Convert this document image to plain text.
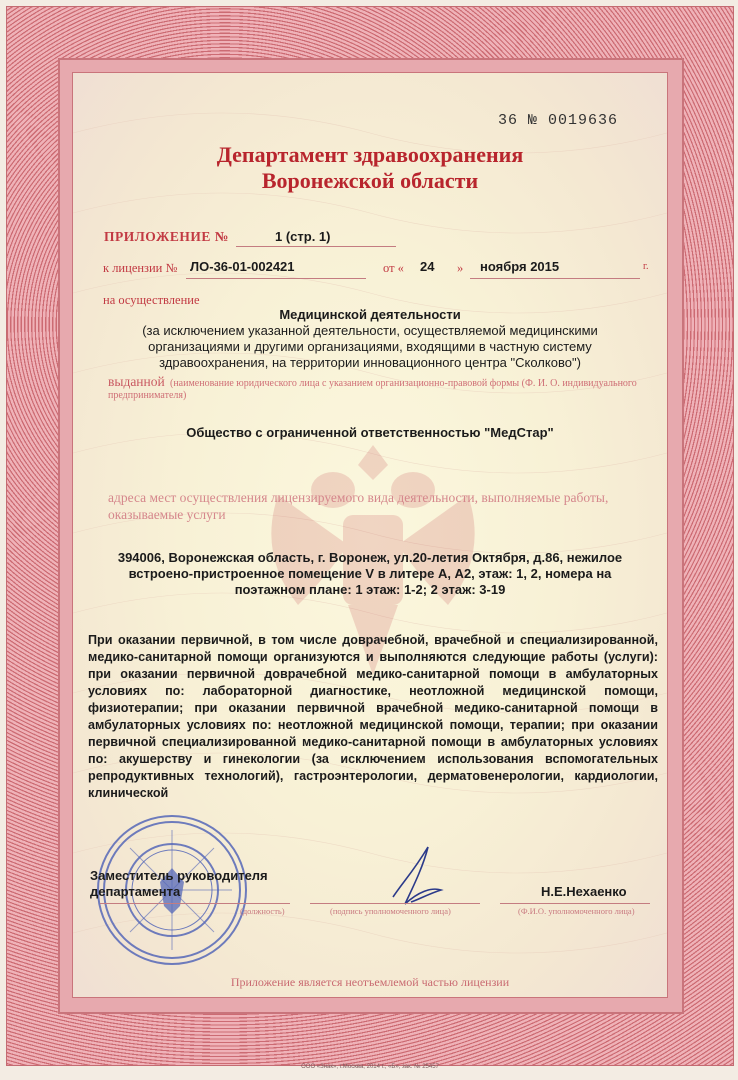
36 № 0019636
Департамент здравоохранения
Воронежской области
ПРИЛОЖЕНИЕ №	1 (стр. 1)
к лицензии № ЛО-36-01-002421	от « 24 » ноября 2015	г.
на осуществление
Медицинской деятельности
(за исключением указанной деятельности, осуществляемой медицинскими организациями и другими организациями, входящими в частную систему здравоохранения, на территории инновационного центра "Сколково")
выданной (наименование юридического лица с указанием организационно-правовой формы (Ф. И. О. индивидуального предпринимателя)
Общество с ограниченной ответственностью "МедСтар"
адреса мест осуществления лицензируемого вида деятельности, выполняемые работы, оказываемые услуги
394006, Воронежская область, г. Воронеж, ул.20-летия Октября, д.86, нежилое встроено-пристроенное помещение V в литере А, А2, этаж: 1, 2, номера на поэтажном плане: 1 этаж: 1-2; 2 этаж: 3-19
При оказании первичной, в том числе доврачебной, врачебной и специализированной, медико-санитарной помощи организуются и выполняются следующие работы (услуги): при оказании первичной доврачебной медико-санитарной помощи в амбулаторных условиях по: лабораторной диагностике, неотложной медицинской помощи, физиотерапии; при оказании первичной врачебной медико-санитарной помощи в амбулаторных условиях по: неотложной медицинской помощи, терапии; при оказании первичной специализированной медико-санитарной помощи в амбулаторных условиях по: акушерству и гинекологии (за исключением использования вспомогательных репродуктивных технологий), гастроэнтерологии, дерматовенерологии, кардиологии, клинической
Заместитель руководителя
департамента	Н.Е.Нехаенко
(должность)	(подпись уполномоченного лица)	(Ф.И.О. уполномоченного лица)
Приложение является неотъемлемой частью лицензии
ООО «Знак», г.Москва, 2014 г., «Б», зак. № 25457
